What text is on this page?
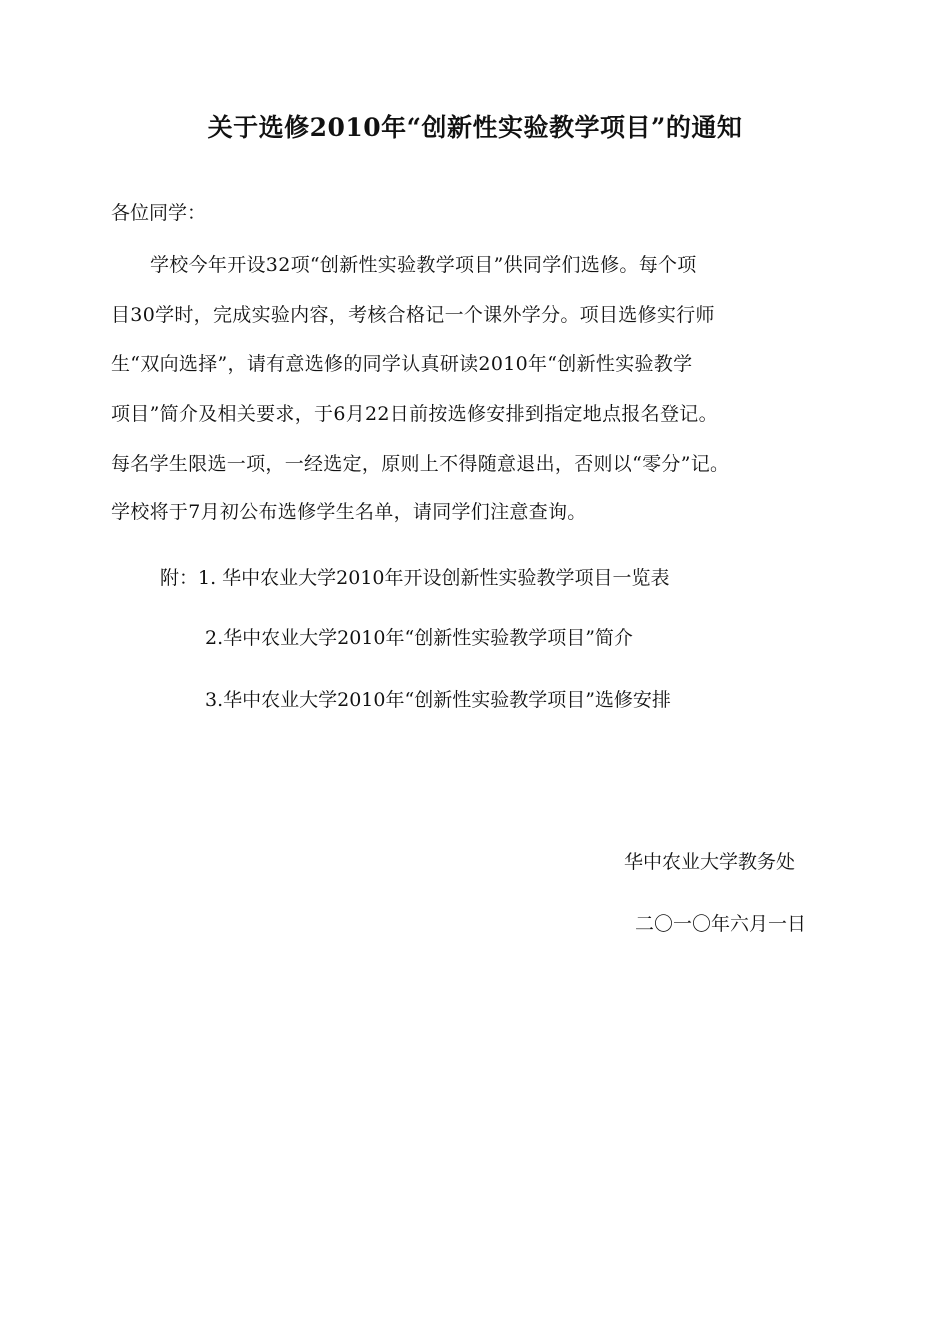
关于选修2010年“创新性实验教学项目”的通知
各位同学：
学校今年开设32项“创新性实验教学项目”供同学们选修。每个项
目30学时，完成实验内容，考核合格记一个课外学分。项目选修实行师
生“双向选择”，请有意选修的同学认真研读2010年“创新性实验教学
项目”简介及相关要求，于6月22日前按选修安排到指定地点报名登记。
每名学生限选一项，一经选定，原则上不得随意退出，否则以“零分”记。
学校将于7月初公布选修学生名单，请同学们注意查询。
附：1. 华中农业大学2010年开设创新性实验教学项目一览表
2.华中农业大学2010年“创新性实验教学项目”简介
3.华中农业大学2010年“创新性实验教学项目”选修安排
华中农业大学教务处
二〇一〇年六月一日
